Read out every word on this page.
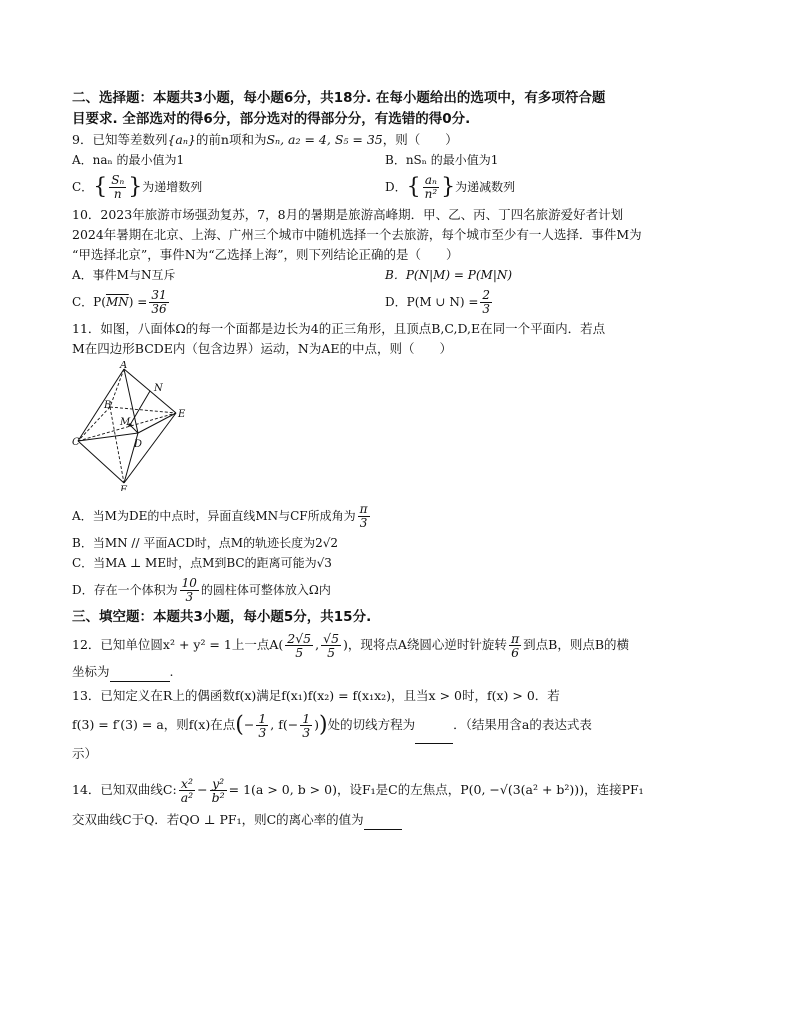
二、选择题：本题共3小题，每小题6分，共18分. 在每小题给出的选项中，有多项符合题
目要求. 全部选对的得6分，部分选对的得部分分，有选错的得0分.

9．已知等差数列{aₙ}的前n项和为Sₙ, a₂ = 4, S₅ = 35，则（　　）

A．naₙ 的最小值为1	B．nSₙ 的最小值为1
C．{ $\frac{\text{Sₙ}}{n}$ }为递增数列	D．{ $\frac{\text{aₙ}}{\text{n²}}$ }为递减数列

10．2023年旅游市场强劲复苏，7，8月的暑期是旅游高峰期．甲、乙、丙、丁四名旅游爱好者计划
2024年暑期在北京、上海、广州三个城市中随机选择一个去旅游，每个城市至少有一人选择．事件M为
“甲选择北京”，事件N为“乙选择上海”，则下列结论正确的是（　　）

A．事件M与N互斥	B．P(N|M) = P(M|N)
C．$P(\overline{MN}) = \frac{31}{36}$	D．P(M ∪ $N) = \frac{2}{3}$

11．如图，八面体Ω的每一个面都是边长为4的正三角形，且顶点B,C,D,E在同一个平面内．若点
M在四边形BCDE内（包含边界）运动，N为AE的中点，则（　　）

A
N
B
E
M
C	D
F
A．当M为DE的中点时，异面直线MN与CF所成角为 $\frac{\pi}{3}$
B．当MN // 平面ACD时，点M的轨迹长度为2√2
C．当MA ⊥ ME时，点M到BC的距离可能为√3
D．存在一个体积为 $\frac{10}{3}$ 的圆柱体可整体放入Ω内

三、填空题：本题共3小题，每小题5分，共15分.

12．已知单位圆x² + y² = 1上一点$A( \frac{2√5}{5}$ , $\frac{√5}{5}$ )，现将点A绕圆心逆时针旋转 $\frac{\pi}{6}$ 到点B，则点B的横

坐标为	.

13．已知定义在R上的偶函数f(x)满足f(x₁)f(x₂) = f(x₁x₂)，且当x > 0时，f(x) > 0．若

f(3) = f′(3) = a，则f(x)在点(− $\frac{1}{3}$ , $f(- \frac{1}{3}$ ))处的切线方程为	．（结果用含a的表达式表

示）

14．已知双曲线C: $\frac{\text{x²}}{\text{a²}} - \frac{\text{y²}}{\text{b²}} = 1(a > 0$, b > 0)，设F₁是C的左焦点，P(0, −√(3(a² + b²)))，连接PF₁

交双曲线C于Q．若QO ⊥ PF₁，则C的离心率的值为
